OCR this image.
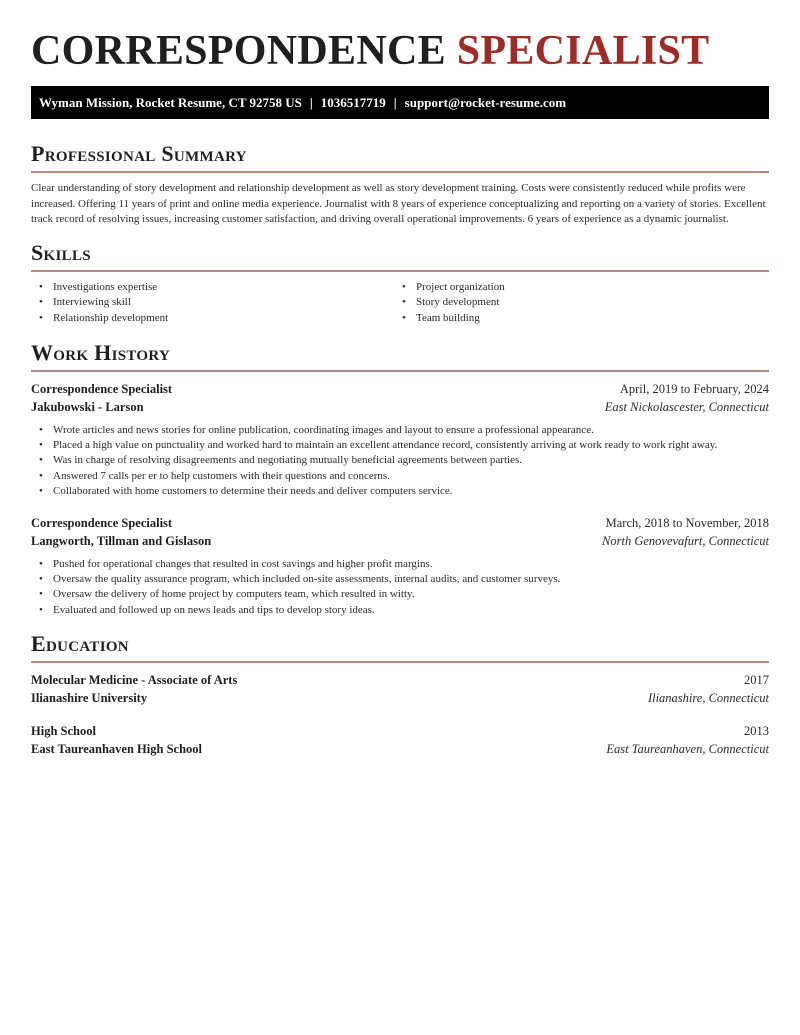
CORRESPONDENCE SPECIALIST
Wyman Mission, Rocket Resume, CT 92758 US | 1036517719 | support@rocket-resume.com
Professional Summary

Clear understanding of story development and relationship development as well as story development training. Costs were consistently reduced while profits were increased. Offering 11 years of print and online media experience. Journalist with 8 years of experience conceptualizing and reporting on a variety of stories. Excellent track record of resolving issues, increasing customer satisfaction, and driving overall operational improvements. 6 years of experience as a dynamic journalist.

Skills
• Investigations expertise
• Interviewing skill
• Relationship development
• Project organization
• Story development
• Team building
Work History
Correspondence Specialist	April, 2019 to February, 2024
Jakubowski - Larson	East Nickolascester, Connecticut
• Wrote articles and news stories for online publication, coordinating images and layout to ensure a professional appearance.
• Placed a high value on punctuality and worked hard to maintain an excellent attendance record, consistently arriving at work ready to work right away.
• Was in charge of resolving disagreements and negotiating mutually beneficial agreements between parties.
• Answered 7 calls per er to help customers with their questions and concerns.
• Collaborated with home customers to determine their needs and deliver computers service.
Correspondence Specialist	March, 2018 to November, 2018
Langworth, Tillman and Gislason	North Genovevafurt, Connecticut
• Pushed for operational changes that resulted in cost savings and higher profit margins.
• Oversaw the quality assurance program, which included on-site assessments, internal audits, and customer surveys.
• Oversaw the delivery of home project by computers team, which resulted in witty.
• Evaluated and followed up on news leads and tips to develop story ideas.
Education
Molecular Medicine - Associate of Arts	2017
Ilianashire University	Ilianashire, Connecticut
High School	2013
East Taureanhaven High School	East Taureanhaven, Connecticut
